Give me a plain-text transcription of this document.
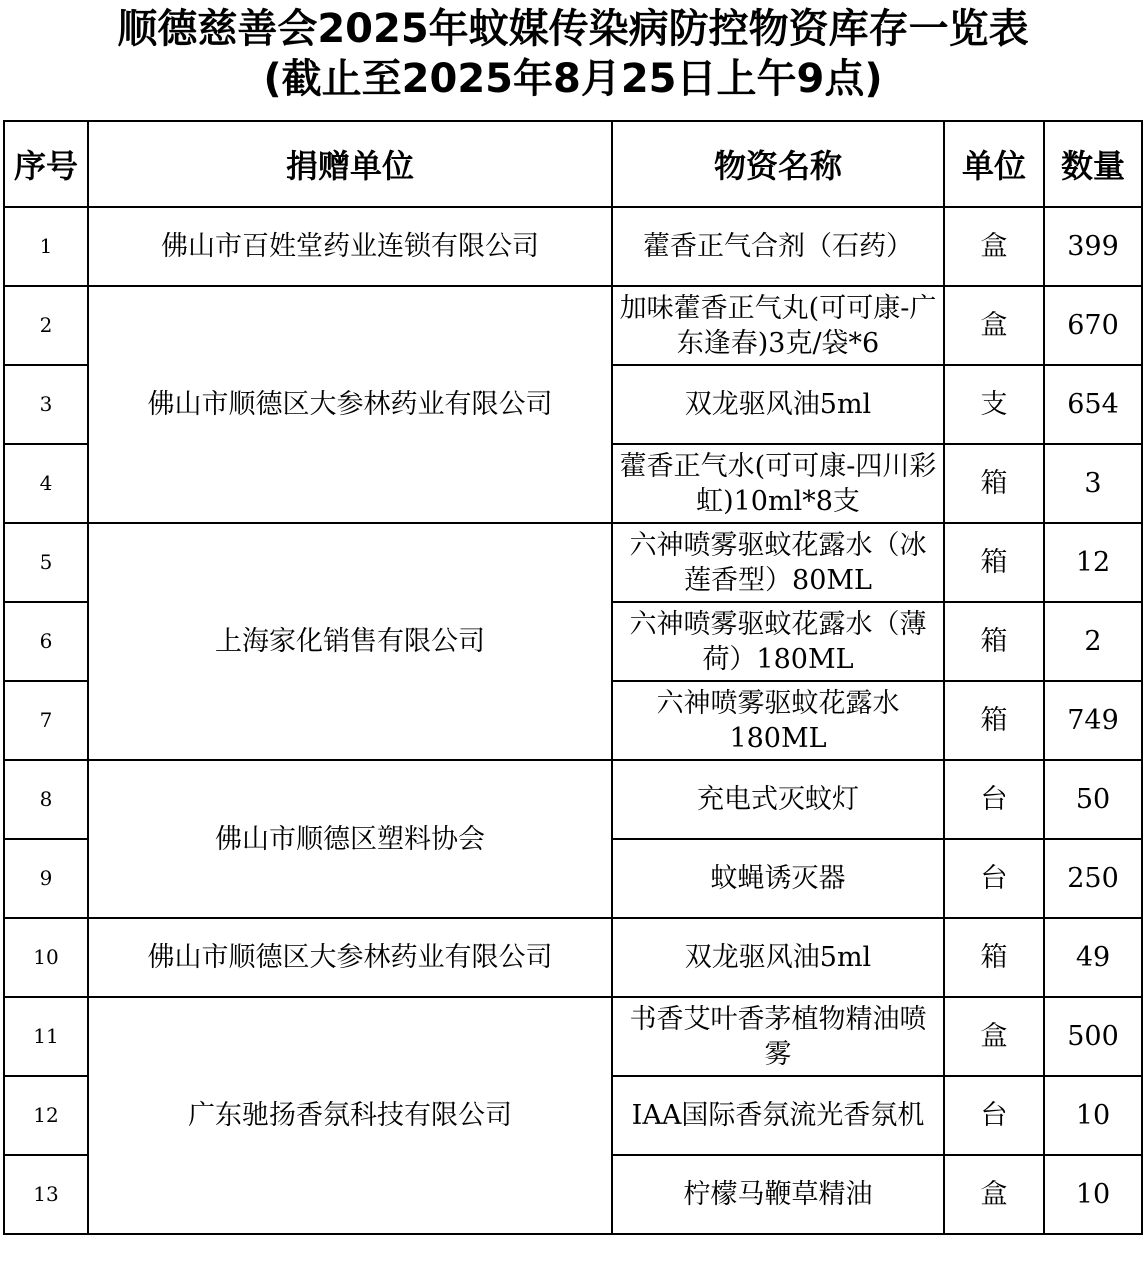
顺德慈善会2025年蚊媒传染病防控物资库存一览表
(截止至2025年8月25日上午9点)
序号	捐赠单位	物资名称	单位	数量
1	佛山市百姓堂药业连锁有限公司	藿香正气合剂（石药）	盒	399
2	佛山市顺德区大参林药业有限公司	加味藿香正气丸(可可康-广东逢春)3克/袋*6	盒	670
3		双龙驱风油5ml	支	654
4		藿香正气水(可可康-四川彩虹)10ml*8支	箱	3
5	上海家化销售有限公司	六神喷雾驱蚊花露水（冰莲香型）80ML	箱	12
6		六神喷雾驱蚊花露水（薄荷）180ML	箱	2
7		六神喷雾驱蚊花露水180ML	箱	749
8	佛山市顺德区塑料协会	充电式灭蚊灯	台	50
9		蚊蝇诱灭器	台	250
10	佛山市顺德区大参林药业有限公司	双龙驱风油5ml	箱	49
11	广东驰扬香氛科技有限公司	书香艾叶香茅植物精油喷雾	盒	500
12		IAA国际香氛流光香氛机	台	10
13		柠檬马鞭草精油	盒	10
